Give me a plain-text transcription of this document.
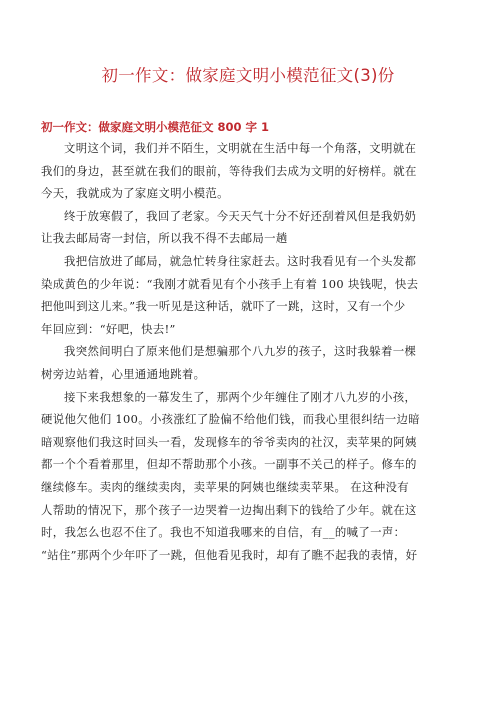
初一作文：做家庭文明小模范征文(3)份
初一作文：做家庭文明小模范征文 800 字 1
文明这个词，我们并不陌生，文明就在生活中每一个角落，文明就在
我们的身边，甚至就在我们的眼前，等待我们去成为文明的好榜样。就在
今天，我就成为了家庭文明小模范。
终于放寒假了，我回了老家。今天天气十分不好还刮着风但是我奶奶
让我去邮局寄一封信，所以我不得不去邮局一趟
我把信放进了邮局，就急忙转身往家赶去。这时我看见有一个头发都
染成黄色的少年说：“我刚才就看见有个小孩手上有着 100 块钱呢，快去
把他叫到这儿来。”我一听见是这种话，就吓了一跳，这时，又有一个少
年回应到：“好吧，快去!”
我突然间明白了原来他们是想骗那个八九岁的孩子，这时我躲着一棵
树旁边站着，心里通通地跳着。
接下来我想象的一幕发生了，那两个少年缠住了刚才八九岁的小孩，
硬说他欠他们 100。小孩涨红了脸偏不给他们钱，而我心里很纠结一边暗
暗观察他们我这时回头一看，发现修车的爷爷卖肉的社汉，卖苹果的阿姨
都一个个看着那里，但却不帮助那个小孩。一副事不关己的样子。修车的
继续修车。卖肉的继续卖肉，卖苹果的阿姨也继续卖苹果。 在这种没有
人帮助的情况下，那个孩子一边哭着一边掏出剩下的钱给了少年。就在这
时，我怎么也忍不住了。我也不知道我哪来的自信，有__的喊了一声：
“站住”那两个少年吓了一跳，但他看见我时，却有了瞧不起我的表情，好
